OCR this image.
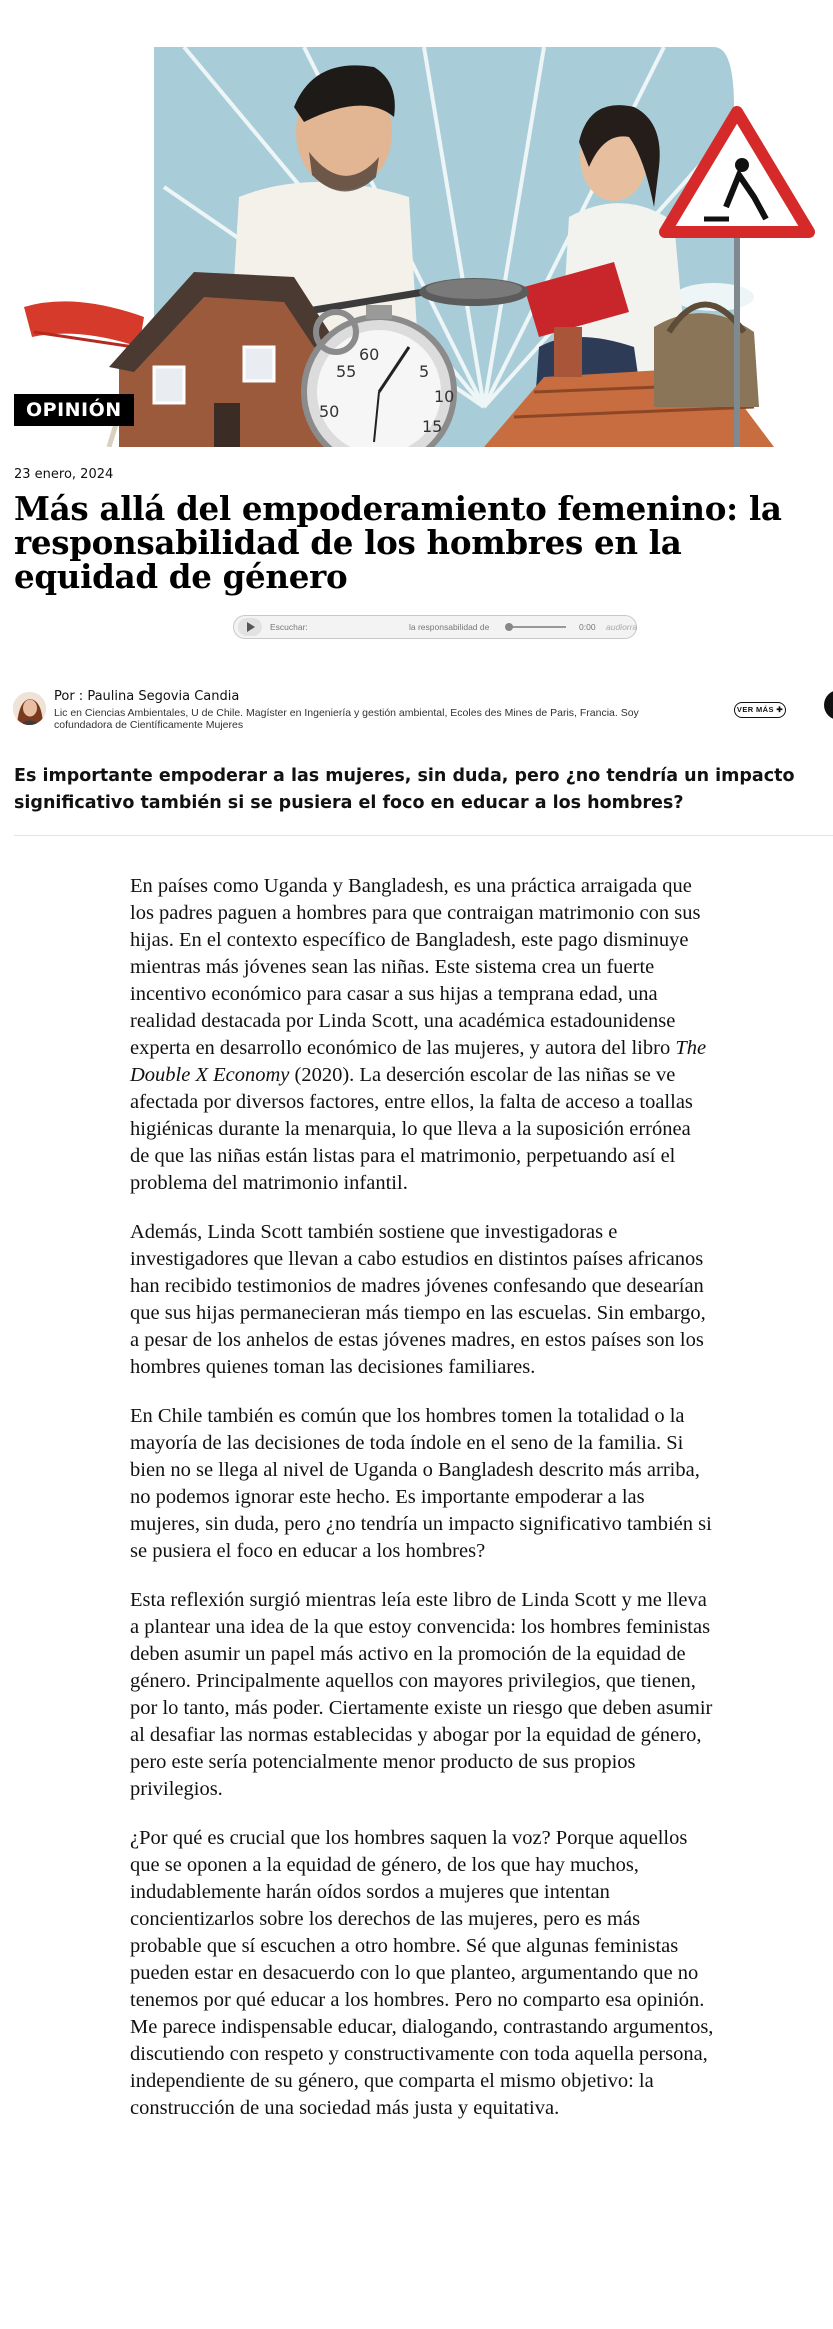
55
60
5
10
15
50
OPINIÓN
23 enero, 2024
Más allá del empoderamiento femenino: la responsabilidad de los hombres en la equidad de género
Escuchar:	la responsabilidad de	0:00 audiorra
Por : Paulina Segovia Candia
Lic en Ciencias Ambientales, U de Chile. Magíster en Ingeniería y gestión ambiental, Ecoles des Mines de Paris, Francia. Soy cofundadora de Científicamente Mujeres
VER MÁS ✚

Es importante empoderar a las mujeres, sin duda, pero ¿no tendría un impacto significativo también si se pusiera el foco en educar a los hombres?

En países como Uganda y Bangladesh, es una práctica arraigada que los padres paguen a hombres para que contraigan matrimonio con sus hijas. En el contexto específico de Bangladesh, este pago disminuye mientras más jóvenes sean las niñas. Este sistema crea un fuerte incentivo económico para casar a sus hijas a temprana edad, una realidad destacada por Linda Scott, una académica estadounidense experta en desarrollo económico de las mujeres, y autora del libro The Double X Economy (2020). La deserción escolar de las niñas se ve afectada por diversos factores, entre ellos, la falta de acceso a toallas higiénicas durante la menarquia, lo que lleva a la suposición errónea de que las niñas están listas para el matrimonio, perpetuando así el problema del matrimonio infantil.

Además, Linda Scott también sostiene que investigadoras e investigadores que llevan a cabo estudios en distintos países africanos han recibido testimonios de madres jóvenes confesando que desearían que sus hijas permanecieran más tiempo en las escuelas. Sin embargo, a pesar de los anhelos de estas jóvenes madres, en estos países son los hombres quienes toman las decisiones familiares.

En Chile también es común que los hombres tomen la totalidad o la mayoría de las decisiones de toda índole en el seno de la familia. Si bien no se llega al nivel de Uganda o Bangladesh descrito más arriba, no podemos ignorar este hecho. Es importante empoderar a las mujeres, sin duda, pero ¿no tendría un impacto significativo también si se pusiera el foco en educar a los hombres?

Esta reflexión surgió mientras leía este libro de Linda Scott y me lleva a plantear una idea de la que estoy convencida: los hombres feministas deben asumir un papel más activo en la promoción de la equidad de género. Principalmente aquellos con mayores privilegios, que tienen, por lo tanto, más poder. Ciertamente existe un riesgo que deben asumir al desafiar las normas establecidas y abogar por la equidad de género, pero este sería potencialmente menor producto de sus propios privilegios.

¿Por qué es crucial que los hombres saquen la voz? Porque aquellos que se oponen a la equidad de género, de los que hay muchos, indudablemente harán oídos sordos a mujeres que intentan concientizarlos sobre los derechos de las mujeres, pero es más probable que sí escuchen a otro hombre. Sé que algunas feministas pueden estar en desacuerdo con lo que planteo, argumentando que no tenemos por qué educar a los hombres. Pero no comparto esa opinión. Me parece indispensable educar, dialogando, contrastando argumentos, discutiendo con respeto y constructivamente con toda aquella persona, independiente de su género, que comparta el mismo objetivo: la construcción de una sociedad más justa y equitativa.
